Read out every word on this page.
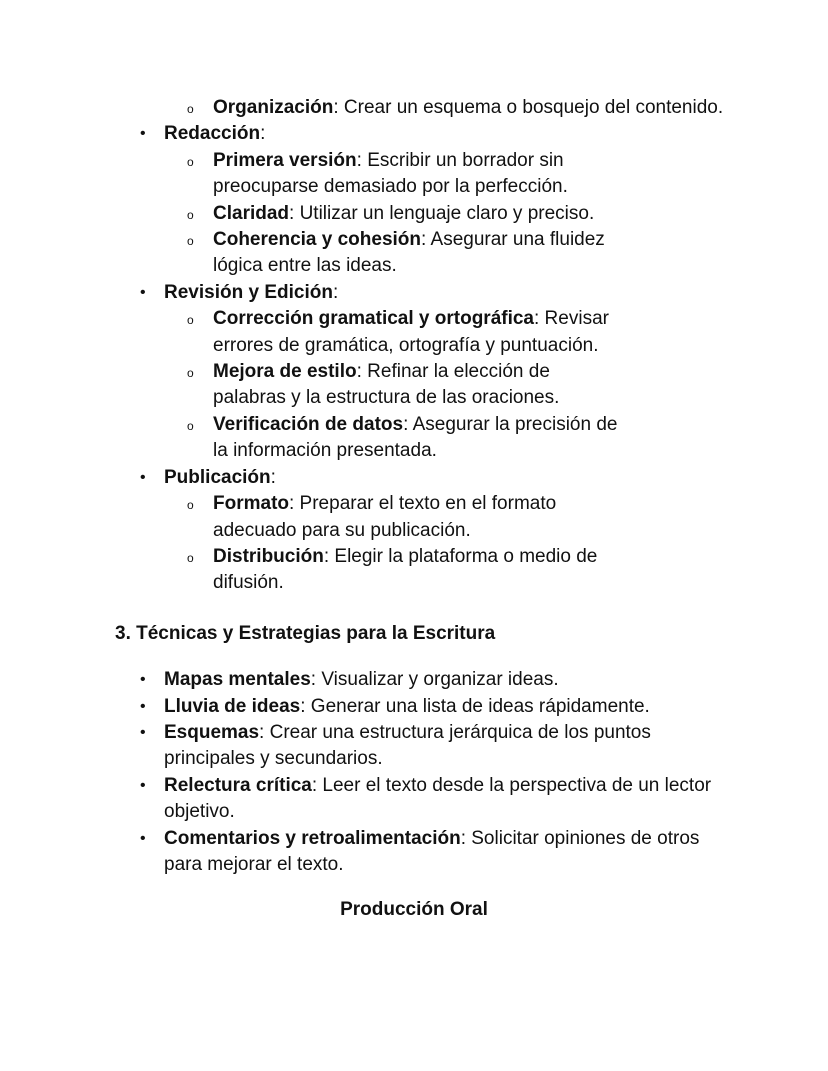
o Organización: Crear un esquema o bosquejo del contenido.
• Redacción:
o Primera versión: Escribir un borrador sin preocuparse demasiado por la perfección.
o Claridad: Utilizar un lenguaje claro y preciso.
o Coherencia y cohesión: Asegurar una fluidez lógica entre las ideas.
• Revisión y Edición:
o Corrección gramatical y ortográfica: Revisar errores de gramática, ortografía y puntuación.
o Mejora de estilo: Refinar la elección de palabras y la estructura de las oraciones.
o Verificación de datos: Asegurar la precisión de la información presentada.
• Publicación:
o Formato: Preparar el texto en el formato adecuado para su publicación.
o Distribución: Elegir la plataforma o medio de difusión.
3. Técnicas y Estrategias para la Escritura
• Mapas mentales: Visualizar y organizar ideas.
• Lluvia de ideas: Generar una lista de ideas rápidamente.
• Esquemas: Crear una estructura jerárquica de los puntos principales y secundarios.
• Relectura crítica: Leer el texto desde la perspectiva de un lector objetivo.
• Comentarios y retroalimentación: Solicitar opiniones de otros para mejorar el texto.
Producción Oral
